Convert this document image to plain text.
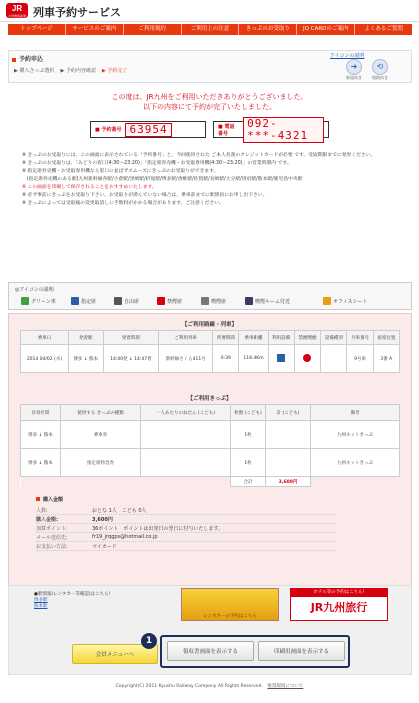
JR
九州旅客鉄道 列車予約サービス
トップページ	サービスのご案内	ご利用規約	ご利用上の注意	きっぷのお受取り	JQ CARDのご案内	よくあるご質問
予約申込	アイコンの説明
▶ 購入きっぷ選択 ▶ 予約内容確認 ▶ 予約完了	➜
新規向き
⟲
復路向き
この度は、JR九州をご利用いただきありがとうございました。
以下の内容にて予約が完了いたしました。
■ 予約番号 63954	■ 電話番号
092-***-4321

※ きっぷのお受取りには、この画面に表示されている「予約番号」と、今回使用された ご本人名義のクレジットカードが必要 です。受取期限までに発券ください。

※ きっぷのお受取りは、「みどりの窓口(4:30〜23:20)」「指定席券売機・お受取専用機(4:30〜23:20)」の営業時間内 です。

※ 指定席券売機・お受取専用機なら窓口に並ばずスムーズにきっぷのお受取りができます。

　(指定席券売機のある駅)九州新幹線各駅/小倉駅/黒崎駅/折尾駅/博多駅/香椎駅/佐賀駅/長崎駅/大分駅/別府駅/熊本駅/鹿児島中央駅

※ この画面を印刷して保存されることをおすすめいたします。

※ 必ず事前にきっぷをお受取り下さい。お受取りが済んでいない場合は、乗車前までに駅係員にお申し出下さい。

※ きっぷによっては受取後の変更取消しに手数料がかかる場合があります。ご注意ください。

◎アイコンの説明
グリーン車	指定席	自由席	禁煙席	喫煙席	喫煙ルーム付近	オフィスシート
【ご利用路線・列車】
乗車日	発着駅	発着時刻	ご利用列車	所要時間	乗車距離	利用設備	禁煙喫煙	設備種別	号車番号	座席位置
2014 04/02 (水)	博多 ↓ 熊本	14:00発 ↓ 14:47着	新幹線さくら411号	0:39	118.4Km				9号車	3番 A
【ご利用きっぷ】
有効区間	使用する きっぷの種類	一人あたりのねだん (こども)	枚数 (こども)	計 (こども)	備考
博多 ↓ 熊本	乗車券		1枚		九州ネットきっぷ
博多 ↓ 熊本	指定席特急券		1枚		九州ネットきっぷ
			合計	3,600円	
購入金額
人数:	おとな 1人　こども 0人
購入金額:	3,600円
加算ポイント:	36ポイント　ポイントは出発日の翌日に付与いたします。
メール送信先:	fr19_jrqgps@hotmail.co.jp
お支払い方法:	マイカード
●駅情報(レンタカー等確認)はこちら!
博多駅
熊本駅
レンタカーの予約はこちら
ホテル等の予約はこちら!
JR九州旅行
会員メニューへ	領収書画面を表示する	印刷用画面を表示する
1
Copyright(C) 2011 Kyushu Railway Company All Rights Reserved.　 推奨環境について
